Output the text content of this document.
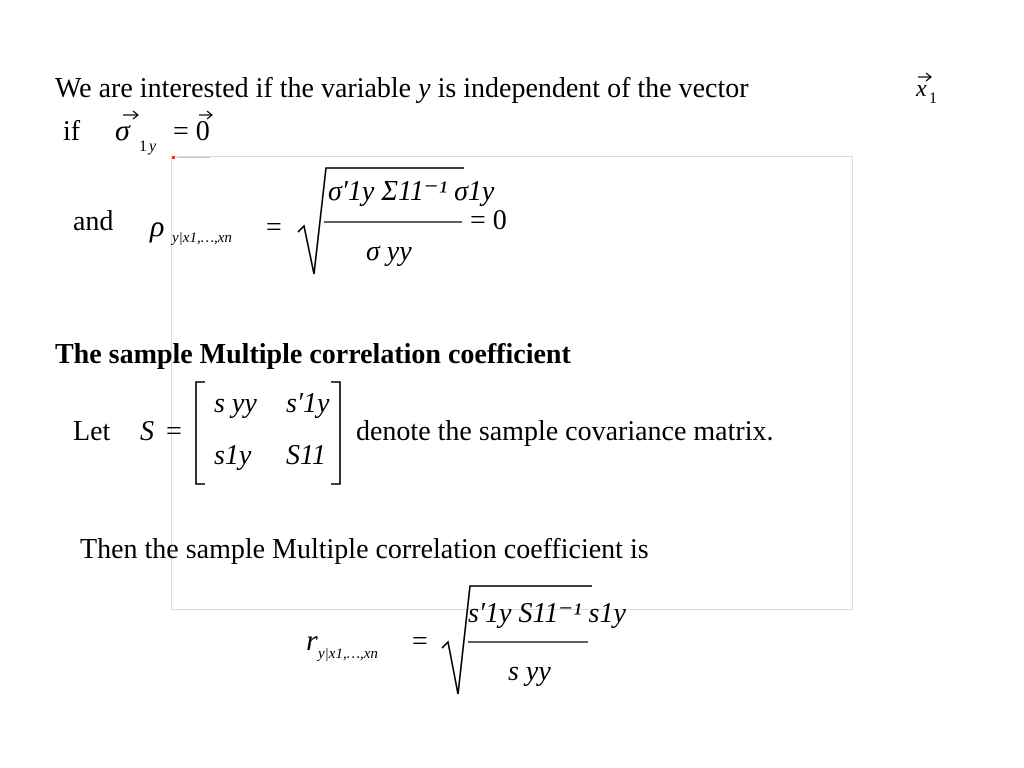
We are interested if the variable y is independent of the vector	x 1
if σ 1 y = 0
and ρ y|x1,…,xn =
σ′1y Σ11⁻¹ σ1y
σ yy
= 0
The sample Multiple correlation coefficient
Let S =
s yy s′1y
s1y S11
denote the sample covariance matrix.
Then the sample Multiple correlation coefficient is
r y|x1,…,xn =
s′1y S11⁻¹ s1y
s yy
